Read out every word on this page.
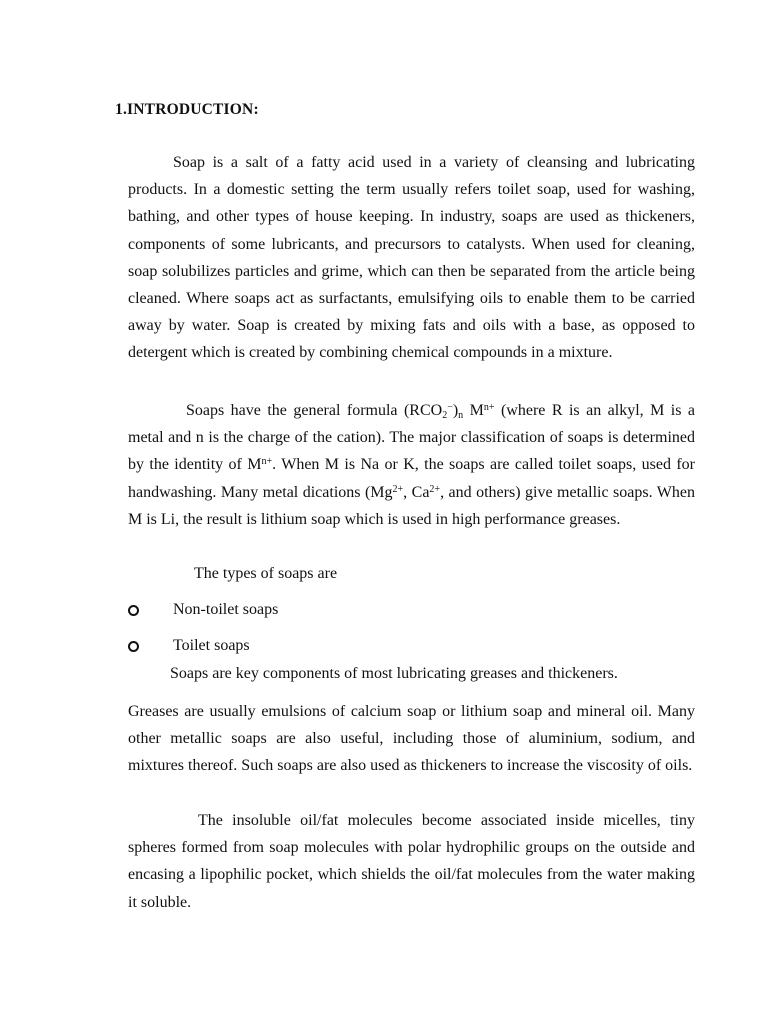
1.INTRODUCTION:

Soap is a salt of a fatty acid used in a variety of cleansing and lubricating products. In a domestic setting the term usually refers toilet soap, used for washing, bathing, and other types of house keeping. In industry, soaps are used as thickeners, components of some lubricants, and precursors to catalysts. When used for cleaning, soap solubilizes particles and grime, which can then be separated from the article being cleaned. Where soaps act as surfactants, emulsifying oils to enable them to be carried away by water. Soap is created by mixing fats and oils with a base, as opposed to detergent which is created by combining chemical compounds in a mixture.

Soaps have the general formula $(RCO_2^-)_n$ $M^{n+}$ (where R is an alkyl, M is a metal and n is the charge of the cation). The major classification of soaps is determined by the identity of $M^{n+}$. When M is Na or K, the soaps are called toilet soaps, used for handwashing. Many metal dications ($Mg^{2+}$, $Ca^{2+}$, and others) give metallic soaps. When M is Li, the result is lithium soap which is used in high performance greases.

The types of soaps are
Non-toilet soaps
Toilet soaps
Soaps are key components of most lubricating greases and thickeners.

Greases are usually emulsions of calcium soap or lithium soap and mineral oil. Many other metallic soaps are also useful, including those of aluminium, sodium, and mixtures thereof. Such soaps are also used as thickeners to increase the viscosity of oils.

The insoluble oil/fat molecules become associated inside micelles, tiny spheres formed from soap molecules with polar hydrophilic groups on the outside and encasing a lipophilic pocket, which shields the oil/fat molecules from the water making it soluble.
